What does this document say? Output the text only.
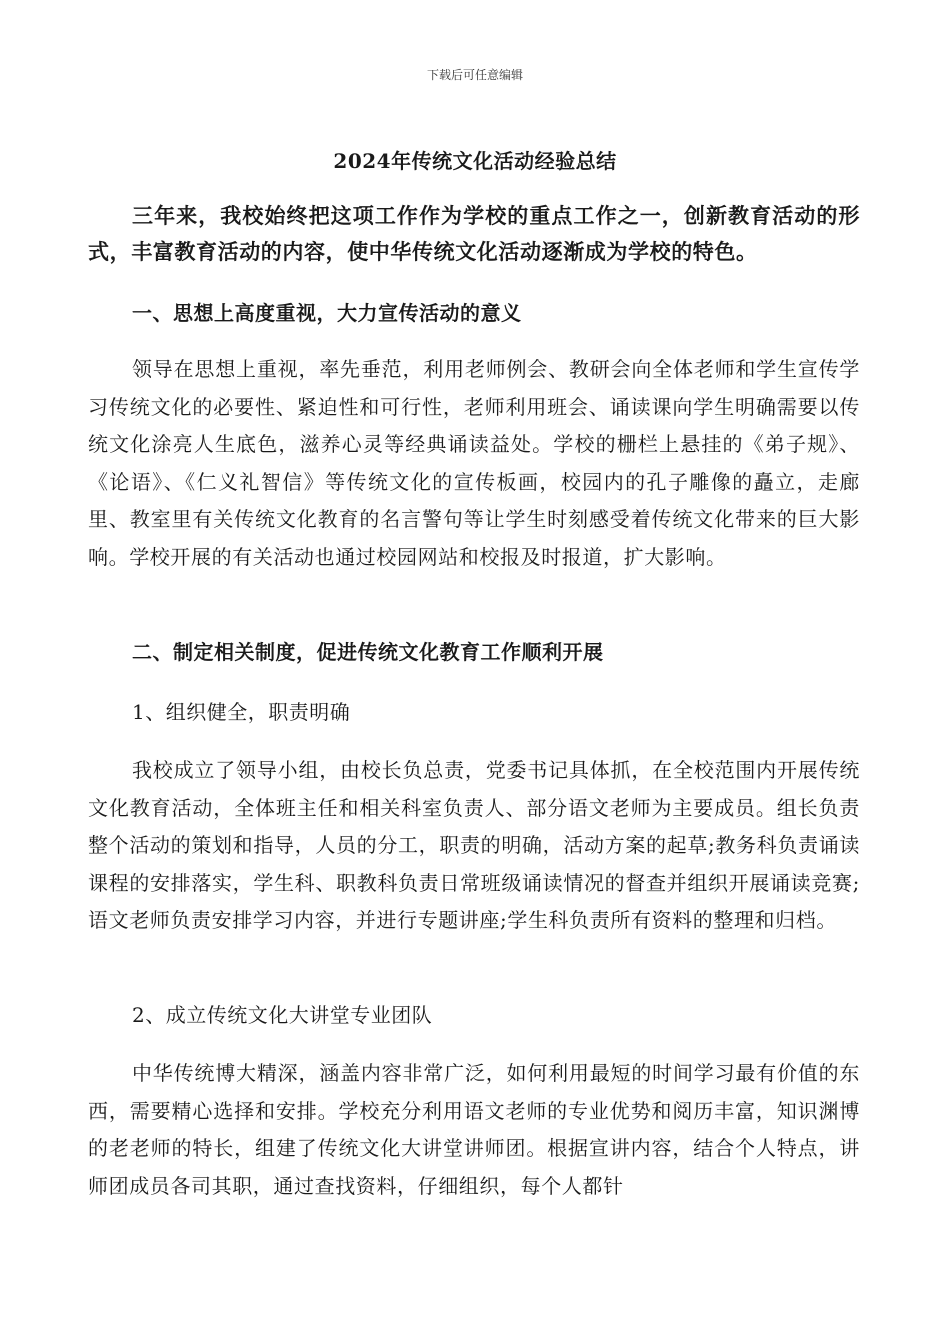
下载后可任意编辑
2024年传统文化活动经验总结

三年来，我校始终把这项工作作为学校的重点工作之一，创新教育活动的形式，丰富教育活动的内容，使中华传统文化活动逐渐成为学校的特色。

一、思想上高度重视，大力宣传活动的意义

领导在思想上重视，率先垂范，利用老师例会、教研会向全体老师和学生宣传学习传统文化的必要性、紧迫性和可行性，老师利用班会、诵读课向学生明确需要以传统文化涂亮人生底色，滋养心灵等经典诵读益处。学校的栅栏上悬挂的《弟子规》、《论语》、《仁义礼智信》等传统文化的宣传板画，校园内的孔子雕像的矗立，走廊里、教室里有关传统文化教育的名言警句等让学生时刻感受着传统文化带来的巨大影响。学校开展的有关活动也通过校园网站和校报及时报道，扩大影响。

二、制定相关制度，促进传统文化教育工作顺利开展
1、组织健全，职责明确

我校成立了领导小组，由校长负总责，党委书记具体抓，在全校范围内开展传统文化教育活动，全体班主任和相关科室负责人、部分语文老师为主要成员。组长负责整个活动的策划和指导，人员的分工，职责的明确，活动方案的起草;教务科负责诵读课程的安排落实，学生科、职教科负责日常班级诵读情况的督查并组织开展诵读竞赛;语文老师负责安排学习内容，并进行专题讲座;学生科负责所有资料的整理和归档。

2、成立传统文化大讲堂专业团队

中华传统博大精深，涵盖内容非常广泛，如何利用最短的时间学习最有价值的东西，需要精心选择和安排。学校充分利用语文老师的专业优势和阅历丰富，知识渊博的老老师的特长，组建了传统文化大讲堂讲师团。根据宣讲内容，结合个人特点，讲师团成员各司其职，通过查找资料，仔细组织，每个人都针
